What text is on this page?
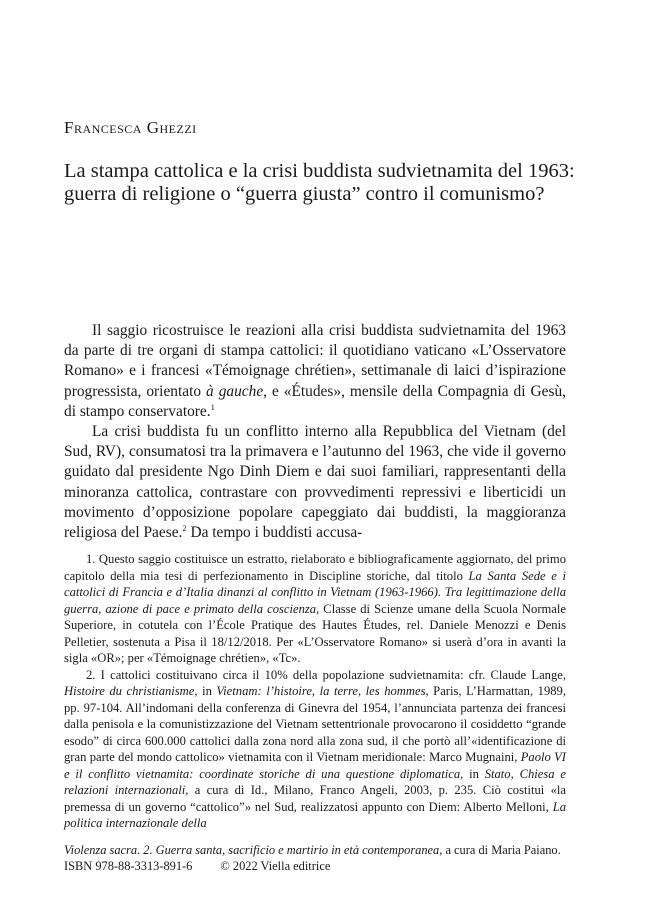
Francesca Ghezzi
La stampa cattolica e la crisi buddista sudvietnamita del 1963:
guerra di religione o “guerra giusta” contro il comunismo?

Il saggio ricostruisce le reazioni alla crisi buddista sudvietnamita del 1963 da parte di tre organi di stampa cattolici: il quotidiano vaticano «L’Osservatore Romano» e i francesi «Témoignage chrétien», settimanale di laici d’ispirazione progressista, orientato à gauche, e «Études», mensile della Compagnia di Gesù, di stampo conservatore.$^1$

La crisi buddista fu un conflitto interno alla Repubblica del Vietnam (del Sud, RV), consumatosi tra la primavera e l’autunno del 1963, che vide il governo guidato dal presidente Ngo Dinh Diem e dai suoi familiari, rappresentanti della minoranza cattolica, contrastare con provvedimenti repressivi e liberticidi un movimento d’opposizione popolare capeggiato dai buddisti, la maggioranza religiosa del Paese.$^2$ Da tempo i buddisti accusa-

1. Questo saggio costituisce un estratto, rielaborato e bibliograficamente aggiornato, del primo capitolo della mia tesi di perfezionamento in Discipline storiche, dal titolo La Santa Sede e i cattolici di Francia e d’Italia dinanzi al conflitto in Vietnam (1963-1966). Tra legittimazione della guerra, azione di pace e primato della coscienza, Classe di Scienze umane della Scuola Normale Superiore, in cotutela con l’École Pratique des Hautes Études, rel. Daniele Menozzi e Denis Pelletier, sostenuta a Pisa il 18/12/2018. Per «L’Osservatore Romano» si userà d’ora in avanti la sigla «OR»; per «Témoignage chrétien», «Tc».

2. I cattolici costituivano circa il 10% della popolazione sudvietnamita: cfr. Claude Lange, Histoire du christianisme, in Vietnam: l’histoire, la terre, les hommes, Paris, L’Harmattan, 1989, pp. 97-104. All’indomani della conferenza di Ginevra del 1954, l’annunciata partenza dei francesi dalla penisola e la comunistizzazione del Vietnam settentrionale provocarono il cosiddetto “grande esodo” di circa 600.000 cattolici dalla zona nord alla zona sud, il che portò all’«identificazione di gran parte del mondo cattolico» vietnamita con il Vietnam meridionale: Marco Mugnaini, Paolo VI e il conflitto vietnamita: coordinate storiche di una questione diplomatica, in Stato, Chiesa e relazioni internazionali, a cura di Id., Milano, Franco Angeli, 2003, p. 235. Ciò costituì «la premessa di un governo “cattolico”» nel Sud, realizzatosi appunto con Diem: Alberto Melloni, La politica internazionale della

Violenza sacra. 2. Guerra santa, sacrificio e martirio in età contemporanea, a cura di Maria Paiano.
ISBN 978-88-3313-891-6 © 2022 Viella editrice
